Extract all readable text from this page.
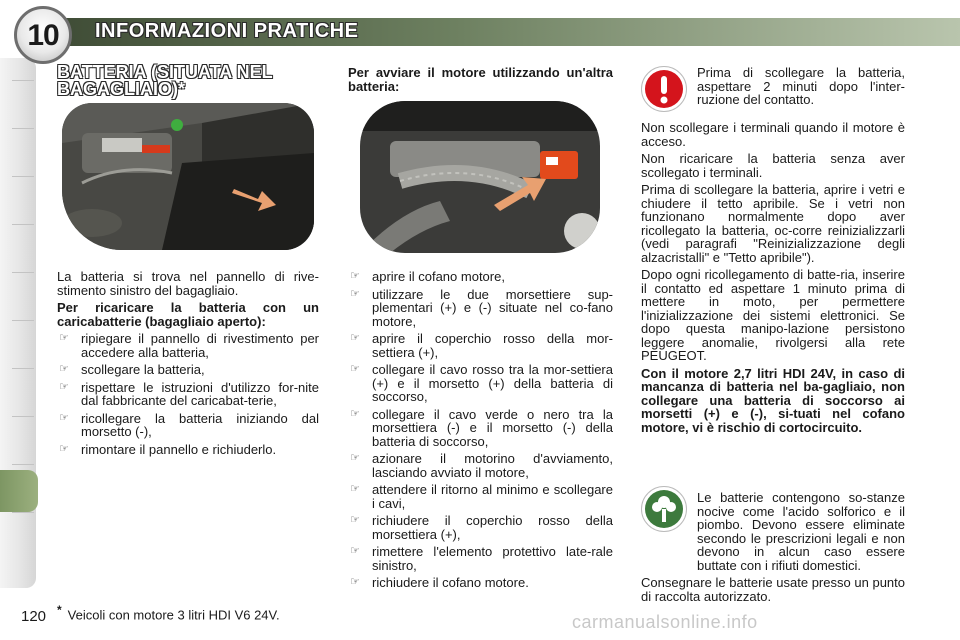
10	INFORMAZIONI PRATICHE
BATTERIA (SITUATA NEL BAGAGLIAIO)*

La batteria si trova nel pannello di rive-stimento sinistro del bagagliaio.

Per ricaricare la batteria con un caricabatterie (bagagliaio aperto):

☞ ripiegare il pannello di rivestimento per accedere alla batteria,
☞ scollegare la batteria,
☞ rispettare le istruzioni d'utilizzo for-nite dal fabbricante del caricabat-terie,
☞ ricollegare la batteria iniziando dal morsetto (-),
☞ rimontare il pannello e richiuderlo.
Per avviare il motore utilizzando un'altra batteria:
☞ aprire il cofano motore,
☞ utilizzare le due morsettiere sup-plementari (+) e (-) situate nel co-fano motore,
☞ aprire il coperchio rosso della mor-settiera (+),
☞ collegare il cavo rosso tra la mor-settiera (+) e il morsetto (+) della batteria di soccorso,
☞ collegare il cavo verde o nero tra la morsettiera (-) e il morsetto (-) della batteria di soccorso,
☞ azionare il motorino d'avviamento, lasciando avviato il motore,
☞ attendere il ritorno al minimo e scollegare i cavi,
☞ richiudere il coperchio rosso della morsettiera (+),
☞ rimettere l'elemento protettivo late-rale sinistro,
☞ richiudere il cofano motore.

Prima di scollegare la batteria, aspettare 2 minuti dopo l'inter-ruzione del contatto.

Non scollegare i terminali quando il motore è acceso.

Non ricaricare la batteria senza aver scollegato i terminali.

Prima di scollegare la batteria, aprire i vetri e chiudere il tetto apribile. Se i vetri non funzionano normalmente dopo aver ricollegato la batteria, oc-corre reinizializzarli (vedi paragrafi "Reinizializzazione degli alzacristalli" e "Tetto apribile").

Dopo ogni ricollegamento di batte-ria, inserire il contatto ed aspettare 1 minuto prima di mettere in moto, per permettere l'inizializzazione dei sistemi elettronici. Se dopo questa manipo-lazione persistono leggere anomalie, rivolgersi alla rete PEUGEOT.

Con il motore 2,7 litri HDI 24V, in caso di mancanza di batteria nel ba-gagliaio, non collegare una batteria di soccorso ai morsetti (+) e (-), si-tuati nel cofano motore, vi è rischio di cortocircuito.

Le batterie contengono so-stanze nocive come l'acido solforico e il piombo. Devono essere eliminate secondo le prescrizioni legali e non devono in alcun caso essere buttate con i rifiuti domestici.

Consegnare le batterie usate presso un punto di raccolta autorizzato.

120 * Veicoli con motore 3 litri HDI V6 24V.	carmanualsonline.info
